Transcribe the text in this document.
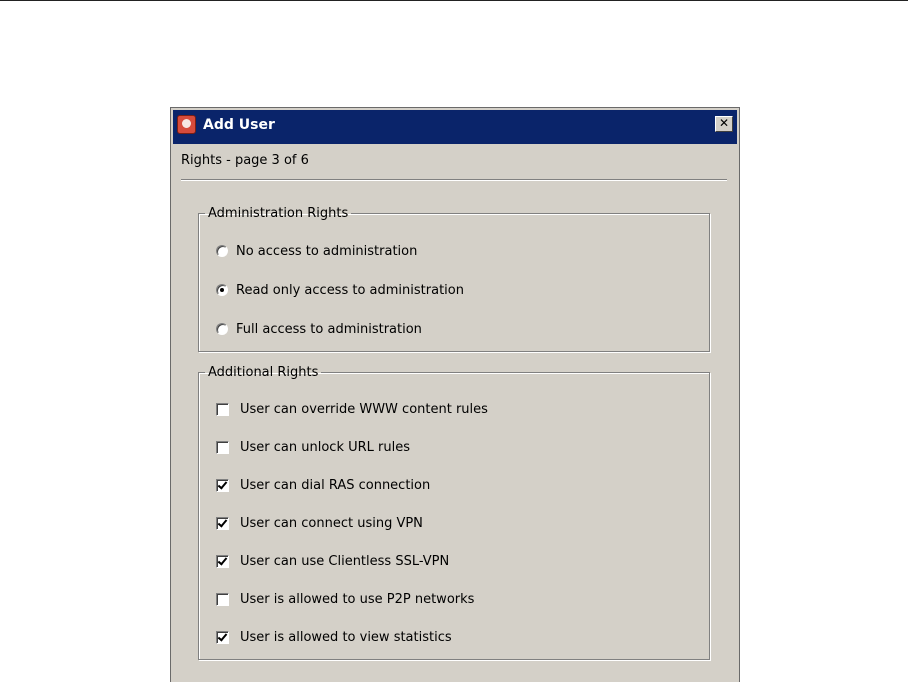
Add User	✕
Rights - page 3 of 6
Administration Rights
No access to administration
Read only access to administration
Full access to administration
Additional Rights
User can override WWW content rules
User can unlock URL rules
User can dial RAS connection
User can connect using VPN
User can use Clientless SSL-VPN
User is allowed to use P2P networks
User is allowed to view statistics
